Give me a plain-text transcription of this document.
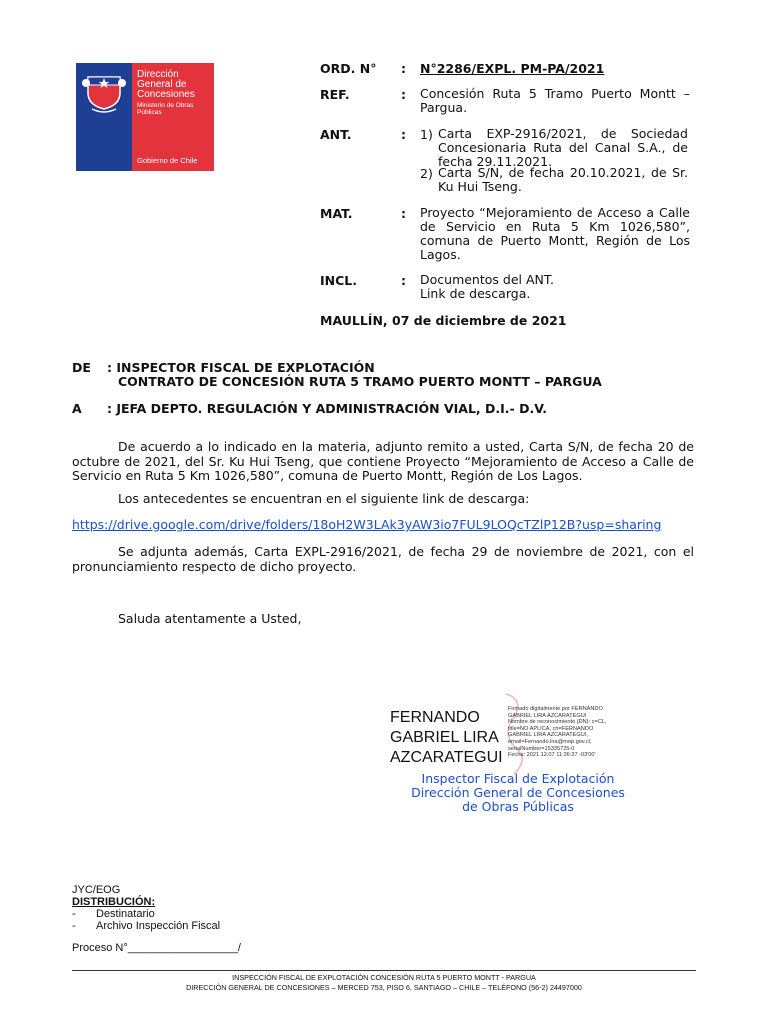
Dirección General de Concesiones
Ministerio de Obras Públicas
Gobierno de Chile
ORD. N° : N°2286/EXPL. PM-PA/2021
REF.	: Concesión Ruta 5 Tramo Puerto Montt – Pargua.
ANT.	: 1) Carta EXP-2916/2021, de Sociedad Concesionaria Ruta del Canal S.A., de fecha 29.11.2021.
2) Carta S/N, de fecha 20.10.2021, de Sr. Ku Hui Tseng.
MAT.	: Proyecto “Mejoramiento de Acceso a Calle de Servicio en Ruta 5 Km 1026,580”, comuna de Puerto Montt, Región de Los Lagos.
INCL.	: Documentos del ANT.
Link de descarga.
MAULLÍN, 07 de diciembre de 2021
DE : INSPECTOR FISCAL DE EXPLOTACIÓN
CONTRATO DE CONCESIÓN RUTA 5 TRAMO PUERTO MONTT – PARGUA
A : JEFA DEPTO. REGULACIÓN Y ADMINISTRACIÓN VIAL, D.I.- D.V.
De acuerdo a lo indicado en la materia, adjunto remito a usted, Carta S/N, de fecha 20 de octubre de 2021, del Sr. Ku Hui Tseng, que contiene Proyecto “Mejoramiento de Acceso a Calle de Servicio en Ruta 5 Km 1026,580”, comuna de Puerto Montt, Región de Los Lagos.
Los antecedentes se encuentran en el siguiente link de descarga:
https://drive.google.com/drive/folders/18oH2W3LAk3yAW3io7FUL9LOQcTZlP12B?usp=sharing
Se adjunta además, Carta EXPL-2916/2021, de fecha 29 de noviembre de 2021, con el pronunciamiento respecto de dicho proyecto.
Saluda atentamente a Usted,
FERNANDO
GABRIEL LIRA
AZCARATEGUI
Firmado digitalmente por FERNANDO
GABRIEL LIRA AZCARATEGUI
Nombre de reconocimiento (DN): c=CL,
title=NO APLICA, cn=FERNANDO
GABRIEL LIRA AZCARATEGUI,
email=Fernando.lira@mop.gov.cl,
serialNumber=15335725-0
Fecha: 2021.12.07 11:26:27 -03'00'
Inspector Fiscal de Explotación
Dirección General de Concesiones
de Obras Públicas
JYC/EOG
DISTRIBUCIÓN:
- Destinatario
- Archivo Inspección Fiscal
Proceso N°__________________/
INSPECCIÓN FISCAL DE EXPLOTACIÓN CONCESIÓN RUTA 5 PUERTO MONTT - PARGUA
DIRECCIÓN GENERAL DE CONCESIONES – MERCED 753, PISO 6, SANTIAGO – CHILE – TELÉFONO (56-2) 24497000
